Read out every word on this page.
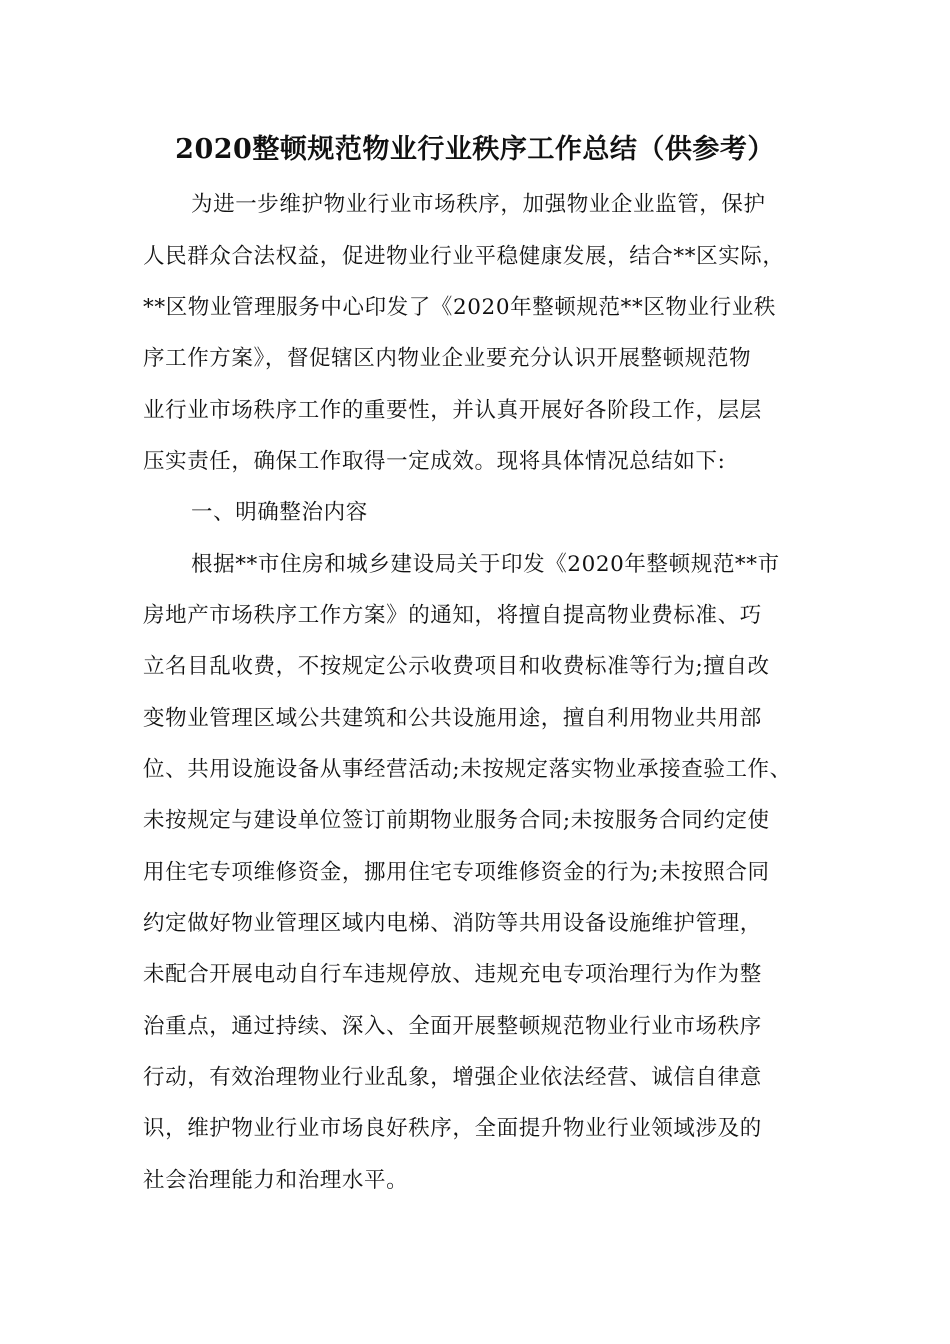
2020整顿规范物业行业秩序工作总结（供参考）
为进一步维护物业行业市场秩序，加强物业企业监管，保护
人民群众合法权益，促进物业行业平稳健康发展，结合**区实际，
**区物业管理服务中心印发了《2020年整顿规范**区物业行业秩
序工作方案》，督促辖区内物业企业要充分认识开展整顿规范物
业行业市场秩序工作的重要性，并认真开展好各阶段工作，层层
压实责任，确保工作取得一定成效。现将具体情况总结如下:
一、明确整治内容
根据**市住房和城乡建设局关于印发《2020年整顿规范**市
房地产市场秩序工作方案》的通知，将擅自提高物业费标准、巧
立名目乱收费，不按规定公示收费项目和收费标准等行为;擅自改
变物业管理区域公共建筑和公共设施用途，擅自利用物业共用部
位、共用设施设备从事经营活动;未按规定落实物业承接查验工作、
未按规定与建设单位签订前期物业服务合同;未按服务合同约定使
用住宅专项维修资金，挪用住宅专项维修资金的行为;未按照合同
约定做好物业管理区域内电梯、消防等共用设备设施维护管理，
未配合开展电动自行车违规停放、违规充电专项治理行为作为整
治重点，通过持续、深入、全面开展整顿规范物业行业市场秩序
行动，有效治理物业行业乱象，增强企业依法经营、诚信自律意
识，维护物业行业市场良好秩序，全面提升物业行业领域涉及的
社会治理能力和治理水平。
